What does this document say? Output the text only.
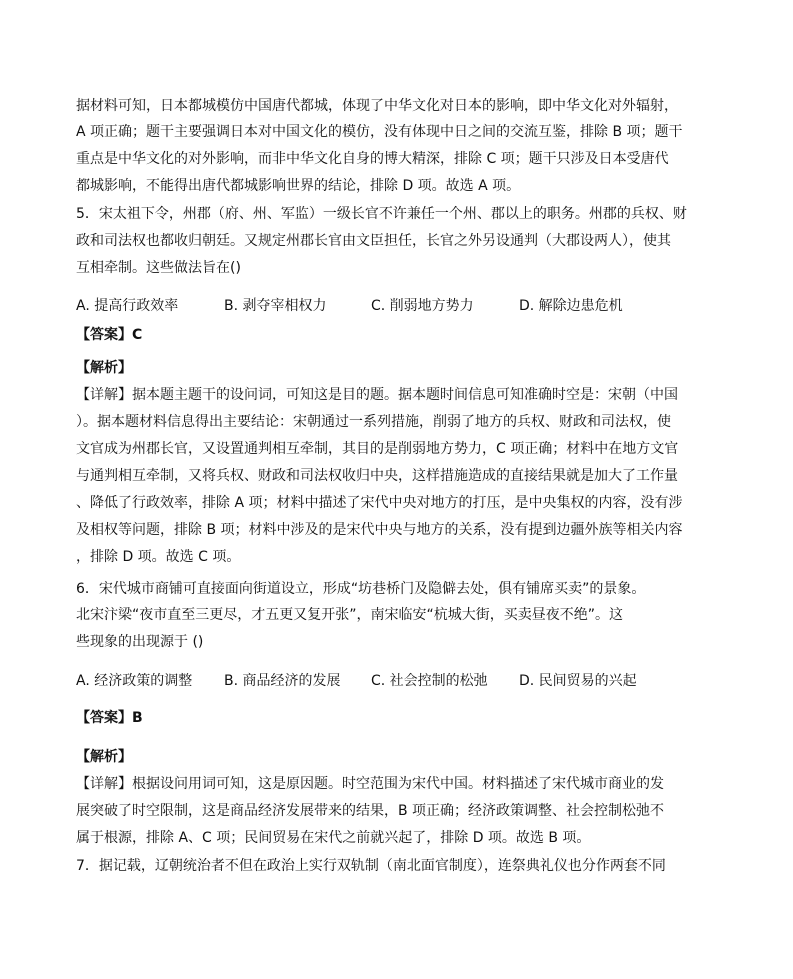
据材料可知，日本都城模仿中国唐代都城，体现了中华文化对日本的影响，即中华文化对外辐射，
A 项正确；题干主要强调日本对中国文化的模仿，没有体现中日之间的交流互鉴，排除 B 项；题干
重点是中华文化的对外影响，而非中华文化自身的博大精深，排除 C 项；题干只涉及日本受唐代
都城影响，不能得出唐代都城影响世界的结论，排除 D 项。故选 A 项。
5．宋太祖下令，州郡（府、州、军监）一级长官不许兼任一个州、郡以上的职务。州郡的兵权、财
政和司法权也都收归朝廷。又规定州郡长官由文臣担任，长官之外另设通判（大郡设两人），使其
互相牵制。这些做法旨在()
A. 提高行政效率	B. 剥夺宰相权力	C. 削弱地方势力	D. 解除边患危机
【答案】C
【解析】
【详解】据本题主题干的设问词，可知这是目的题。据本题时间信息可知准确时空是：宋朝（中国
）。据本题材料信息得出主要结论：宋朝通过一系列措施，削弱了地方的兵权、财政和司法权，使
文官成为州郡长官，又设置通判相互牵制，其目的是削弱地方势力，C 项正确；材料中在地方文官
与通判相互牵制，又将兵权、财政和司法权收归中央，这样措施造成的直接结果就是加大了工作量
、降低了行政效率，排除 A 项；材料中描述了宋代中央对地方的打压，是中央集权的内容，没有涉
及相权等问题，排除 B 项；材料中涉及的是宋代中央与地方的关系，没有提到边疆外族等相关内容
，排除 D 项。故选 C 项。
6．宋代城市商铺可直接面向街道设立，形成“坊巷桥门及隐僻去处，俱有铺席买卖”的景象。
北宋汴梁“夜市直至三更尽，才五更又复开张”，南宋临安“杭城大街，买卖昼夜不绝”。这
些现象的出现源于 ()
A. 经济政策的调整 B. 商品经济的发展 C. 社会控制的松弛 D. 民间贸易的兴起
【答案】B
【解析】
【详解】根据设问用词可知，这是原因题。时空范围为宋代中国。材料描述了宋代城市商业的发
展突破了时空限制，这是商品经济发展带来的结果，B 项正确；经济政策调整、社会控制松弛不
属于根源，排除 A、C 项；民间贸易在宋代之前就兴起了，排除 D 项。故选 B 项。
7．据记载，辽朝统治者不但在政治上实行双轨制（南北面官制度），连祭典礼仪也分作两套不同
